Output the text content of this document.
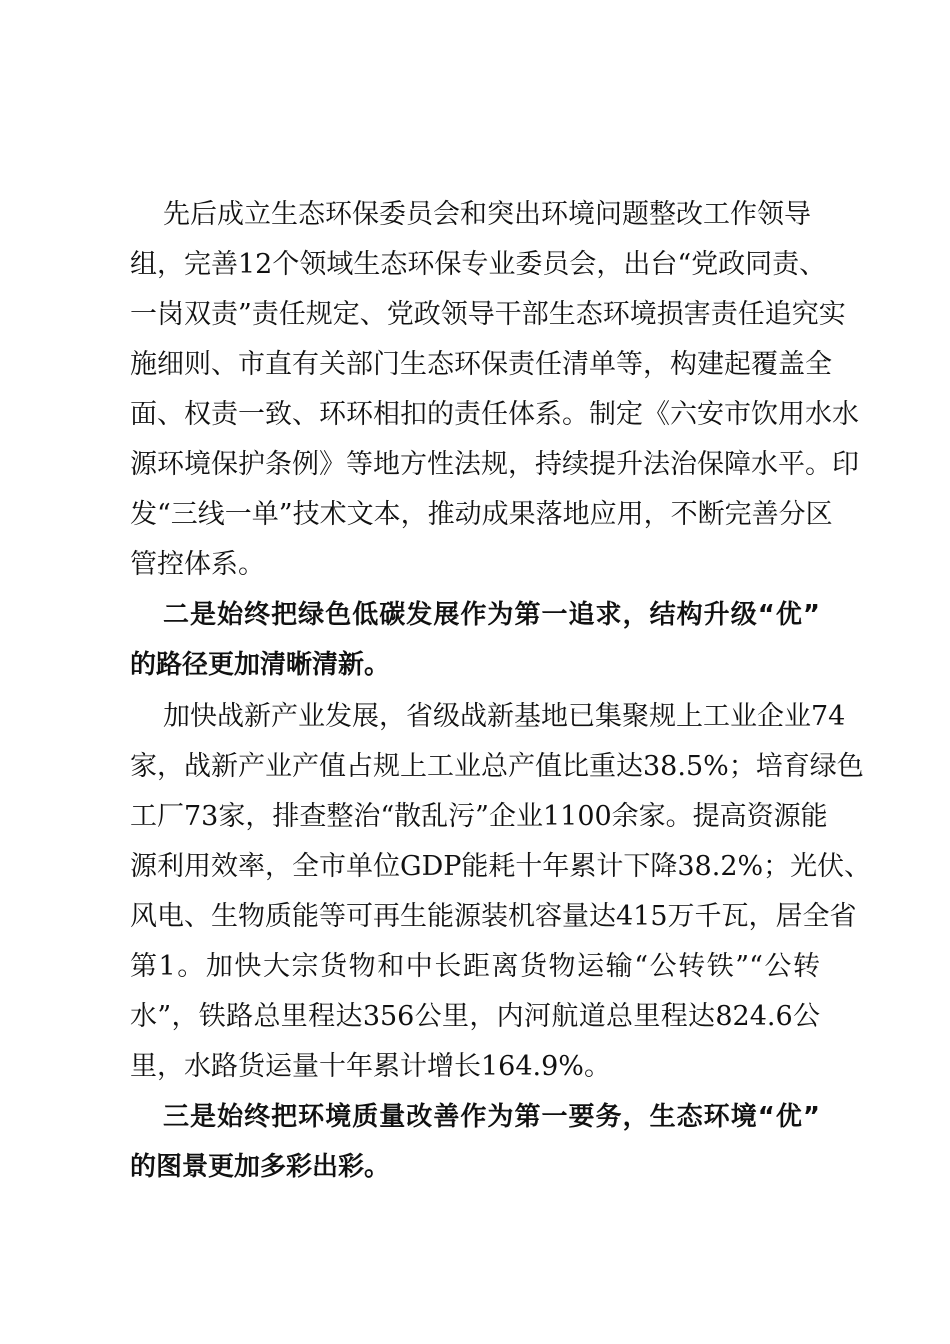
先后成立生态环保委员会和突出环境问题整改工作领导
组，完善12个领域生态环保专业委员会，出台“党政同责、
一岗双责”责任规定、党政领导干部生态环境损害责任追究实
施细则、市直有关部门生态环保责任清单等，构建起覆盖全
面、权责一致、环环相扣的责任体系。制定《六安市饮用水水
源环境保护条例》等地方性法规，持续提升法治保障水平。印
发“三线一单”技术文本，推动成果落地应用，不断完善分区
管控体系。
二是始终把绿色低碳发展作为第一追求，结构升级“优”
的路径更加清晰清新。
加快战新产业发展，省级战新基地已集聚规上工业企业74
家，战新产业产值占规上工业总产值比重达38.5%；培育绿色
工厂73家，排查整治“散乱污”企业1100余家。提高资源能
源利用效率，全市单位GDP能耗十年累计下降38.2%；光伏、
风电、生物质能等可再生能源装机容量达415万千瓦，居全省
第1。加快大宗货物和中长距离货物运输“公转铁”“公转
水”，铁路总里程达356公里，内河航道总里程达824.6公
里，水路货运量十年累计增长164.9%。
三是始终把环境质量改善作为第一要务，生态环境“优”
的图景更加多彩出彩。
